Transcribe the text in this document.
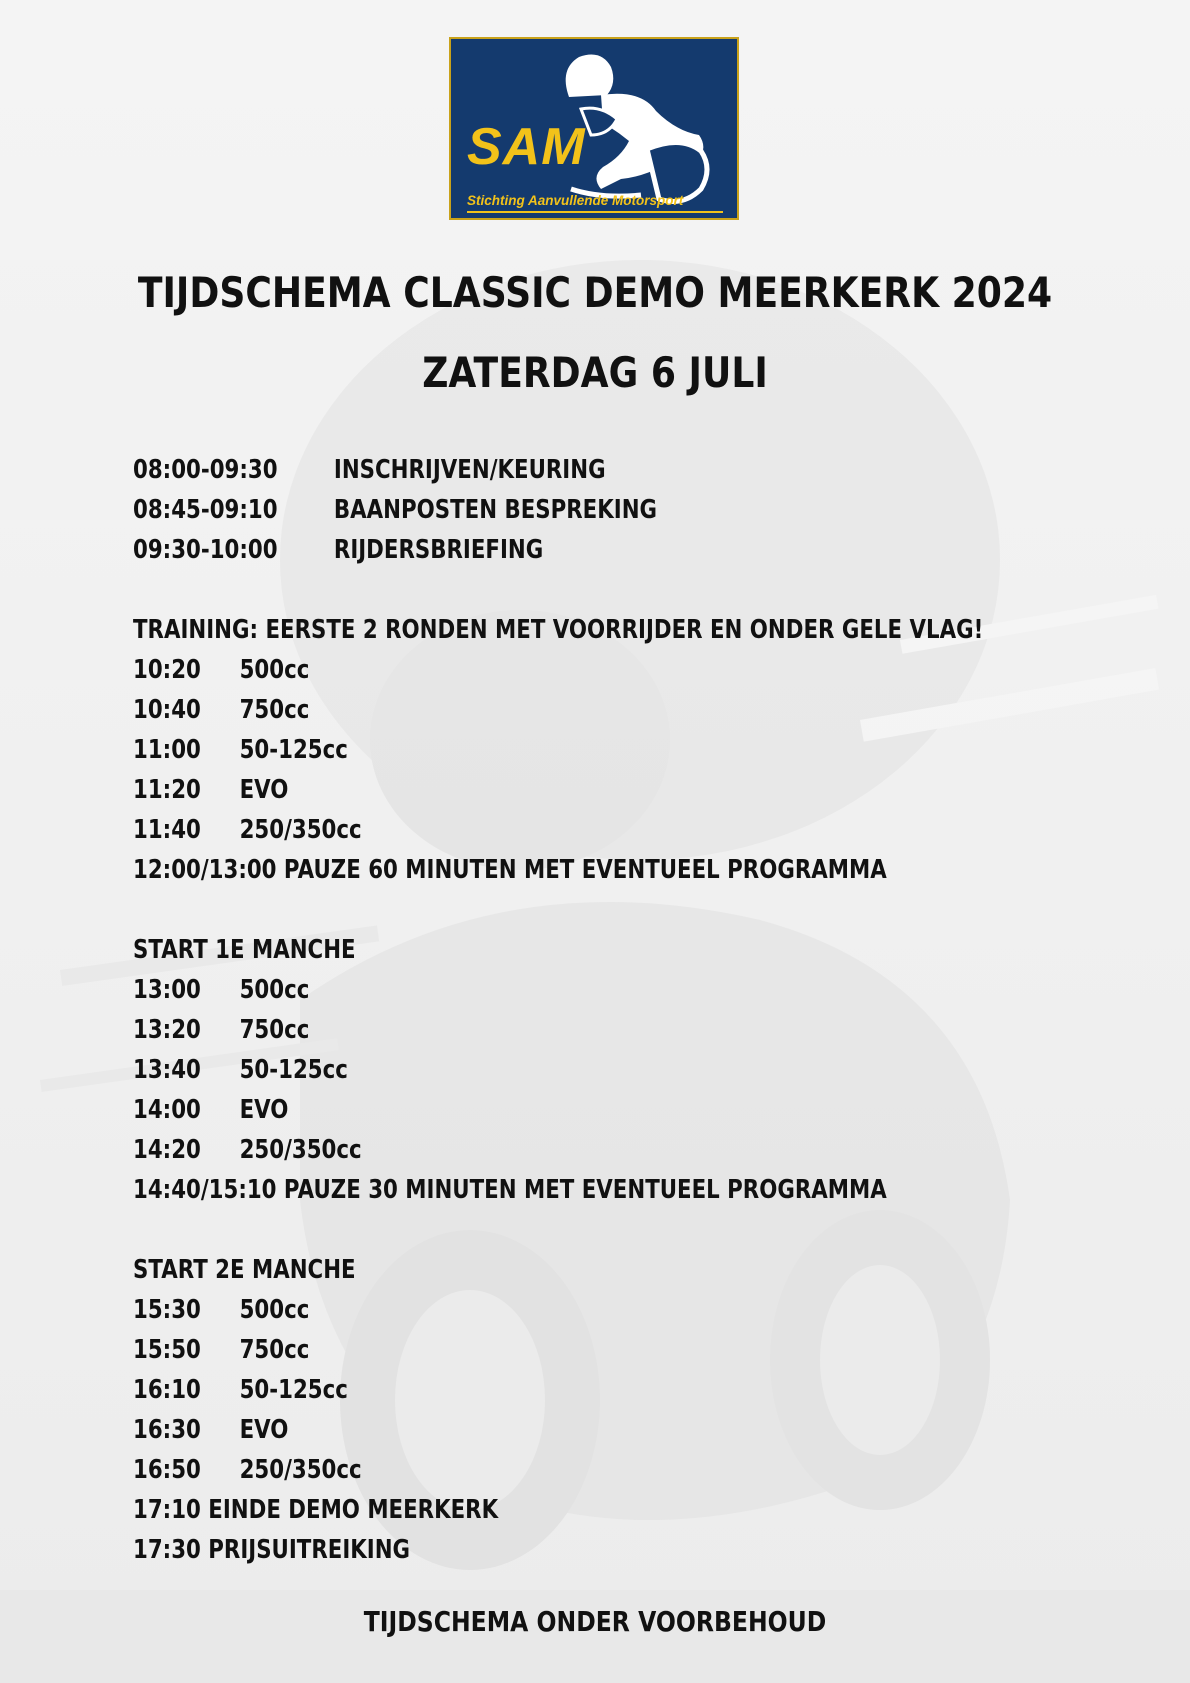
SAM
Stichting Aanvullende Motorsport
TIJDSCHEMA CLASSIC DEMO MEERKERK 2024
ZATERDAG 6 JULI
08:00-09:30 INSCHRIJVEN/KEURING
08:45-09:10 BAANPOSTEN BESPREKING
09:30-10:00 RIJDERSBRIEFING
TRAINING: EERSTE 2 RONDEN MET VOORRIJDER EN ONDER GELE VLAG!
10:20 500cc
10:40 750cc
11:00 50-125cc
11:20 EVO
11:40 250/350cc
12:00/13:00 PAUZE 60 MINUTEN MET EVENTUEEL PROGRAMMA
START 1E MANCHE
13:00 500cc
13:20 750cc
13:40 50-125cc
14:00 EVO
14:20 250/350cc
14:40/15:10 PAUZE 30 MINUTEN MET EVENTUEEL PROGRAMMA
START 2E MANCHE
15:30 500cc
15:50 750cc
16:10 50-125cc
16:30 EVO
16:50 250/350cc
17:10 EINDE DEMO MEERKERK
17:30 PRIJSUITREIKING
TIJDSCHEMA ONDER VOORBEHOUD
